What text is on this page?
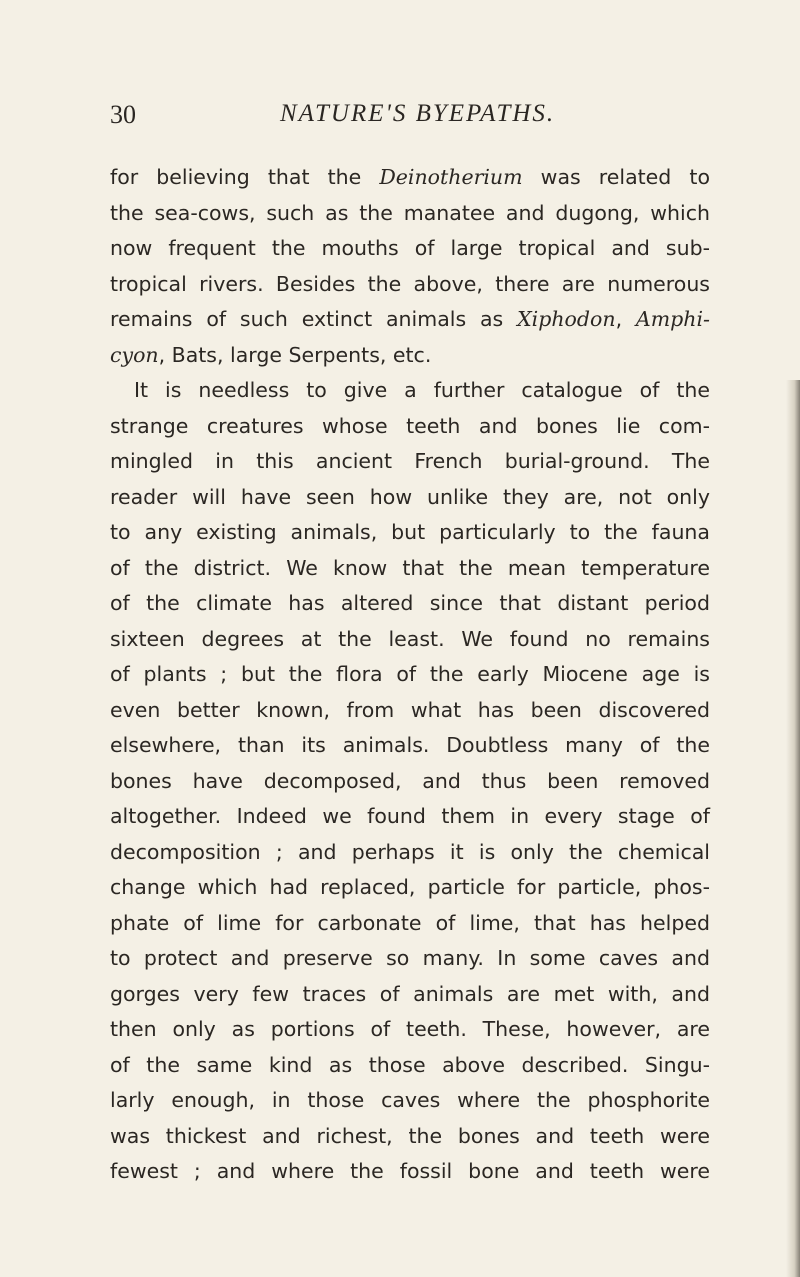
30	NATURE'S BYEPATHS.
for believing that the Deinotherium was related to
the sea-cows, such as the manatee and dugong, which
now frequent the mouths of large tropical and sub-
tropical rivers. Besides the above, there are numerous
remains of such extinct animals as Xiphodon, Amphi-
cyon, Bats, large Serpents, etc.
It is needless to give a further catalogue of the
strange creatures whose teeth and bones lie com-
mingled in this ancient French burial-ground. The
reader will have seen how unlike they are, not only
to any existing animals, but particularly to the fauna
of the district. We know that the mean temperature
of the climate has altered since that distant period
sixteen degrees at the least. We found no remains
of plants ; but the flora of the early Miocene age is
even better known, from what has been discovered
elsewhere, than its animals. Doubtless many of the
bones have decomposed, and thus been removed
altogether. Indeed we found them in every stage of
decomposition ; and perhaps it is only the chemical
change which had replaced, particle for particle, phos-
phate of lime for carbonate of lime, that has helped
to protect and preserve so many. In some caves and
gorges very few traces of animals are met with, and
then only as portions of teeth. These, however, are
of the same kind as those above described. Singu-
larly enough, in those caves where the phosphorite
was thickest and richest, the bones and teeth were
fewest ; and where the fossil bone and teeth were
